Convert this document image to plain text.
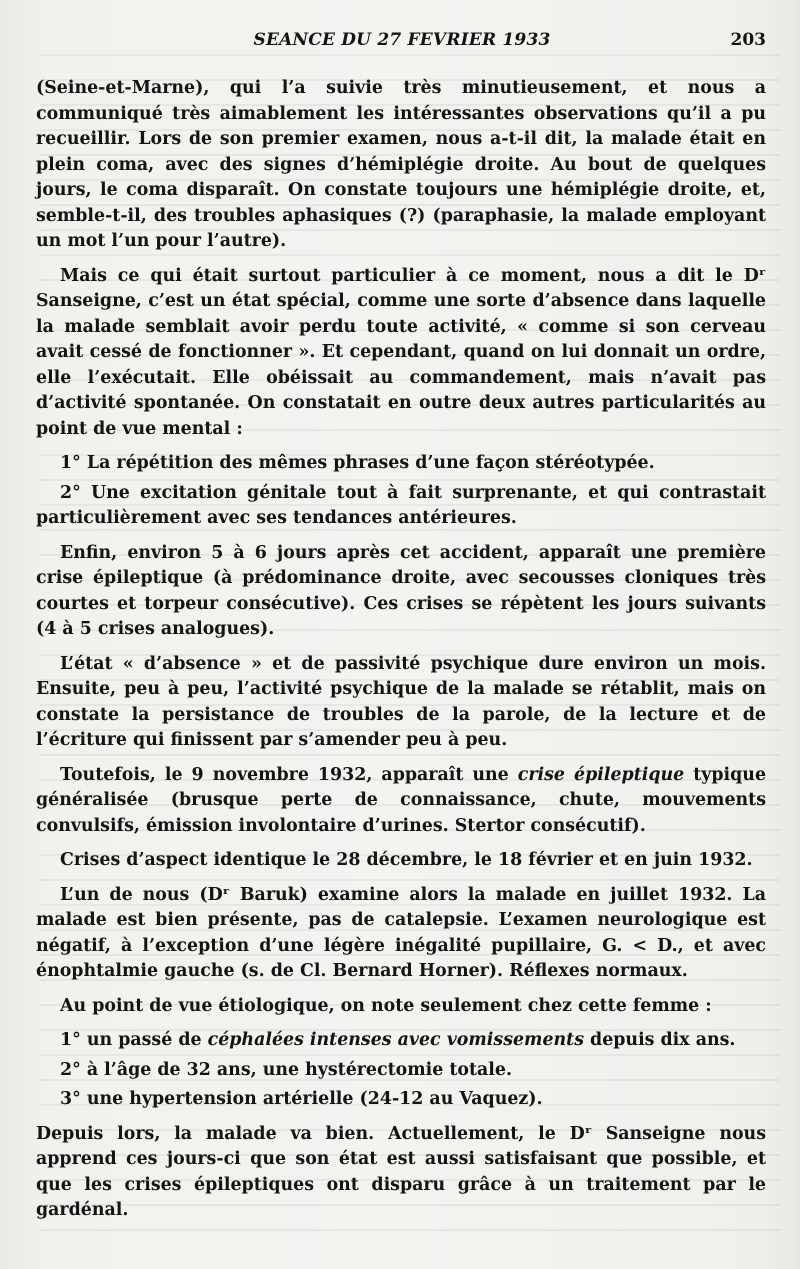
SEANCE DU 27 FEVRIER 1933	203

(Seine-et-Marne), qui l’a suivie très minutieusement, et nous a communiqué très aimablement les intéressantes observations qu’il a pu recueillir. Lors de son premier examen, nous a-t-il dit, la malade était en plein coma, avec des signes d’hémiplégie droite. Au bout de quelques jours, le coma disparaît. On constate toujours une hémiplégie droite, et, semble-t-il, des troubles aphasiques (?) (paraphasie, la malade employant un mot l’un pour l’autre).

Mais ce qui était surtout particulier à ce moment, nous a dit le Dʳ Sanseigne, c’est un état spécial, comme une sorte d’absence dans laquelle la malade semblait avoir perdu toute activité, « comme si son cerveau avait cessé de fonctionner ». Et cependant, quand on lui donnait un ordre, elle l’exécutait. Elle obéissait au commandement, mais n’avait pas d’activité spontanée. On constatait en outre deux autres particularités au point de vue mental :

1° La répétition des mêmes phrases d’une façon stéréotypée.

2° Une excitation génitale tout à fait surprenante, et qui contrastait particulièrement avec ses tendances antérieures.

Enfin, environ 5 à 6 jours après cet accident, apparaît une première crise épileptique (à prédominance droite, avec secousses cloniques très courtes et torpeur consécutive). Ces crises se répètent les jours suivants (4 à 5 crises analogues).

L’état « d’absence » et de passivité psychique dure environ un mois. Ensuite, peu à peu, l’activité psychique de la malade se rétablit, mais on constate la persistance de troubles de la parole, de la lecture et de l’écriture qui finissent par s’amender peu à peu.

Toutefois, le 9 novembre 1932, apparaît une crise épileptique typique généralisée (brusque perte de connaissance, chute, mouvements convulsifs, émission involontaire d’urines. Stertor consécutif).

Crises d’aspect identique le 28 décembre, le 18 février et en juin 1932.

L’un de nous (Dʳ Baruk) examine alors la malade en juillet 1932. La malade est bien présente, pas de catalepsie. L’examen neurologique est négatif, à l’exception d’une légère inégalité pupillaire, G. < D., et avec énophtalmie gauche (s. de Cl. Bernard Horner). Réflexes normaux.

Au point de vue étiologique, on note seulement chez cette femme :

1° un passé de céphalées intenses avec vomissements depuis dix ans.

2° à l’âge de 32 ans, une hystérectomie totale.

3° une hypertension artérielle (24-12 au Vaquez).

Depuis lors, la malade va bien. Actuellement, le Dʳ Sanseigne nous apprend ces jours-ci que son état est aussi satisfaisant que possible, et que les crises épileptiques ont disparu grâce à un traitement par le gardénal.
